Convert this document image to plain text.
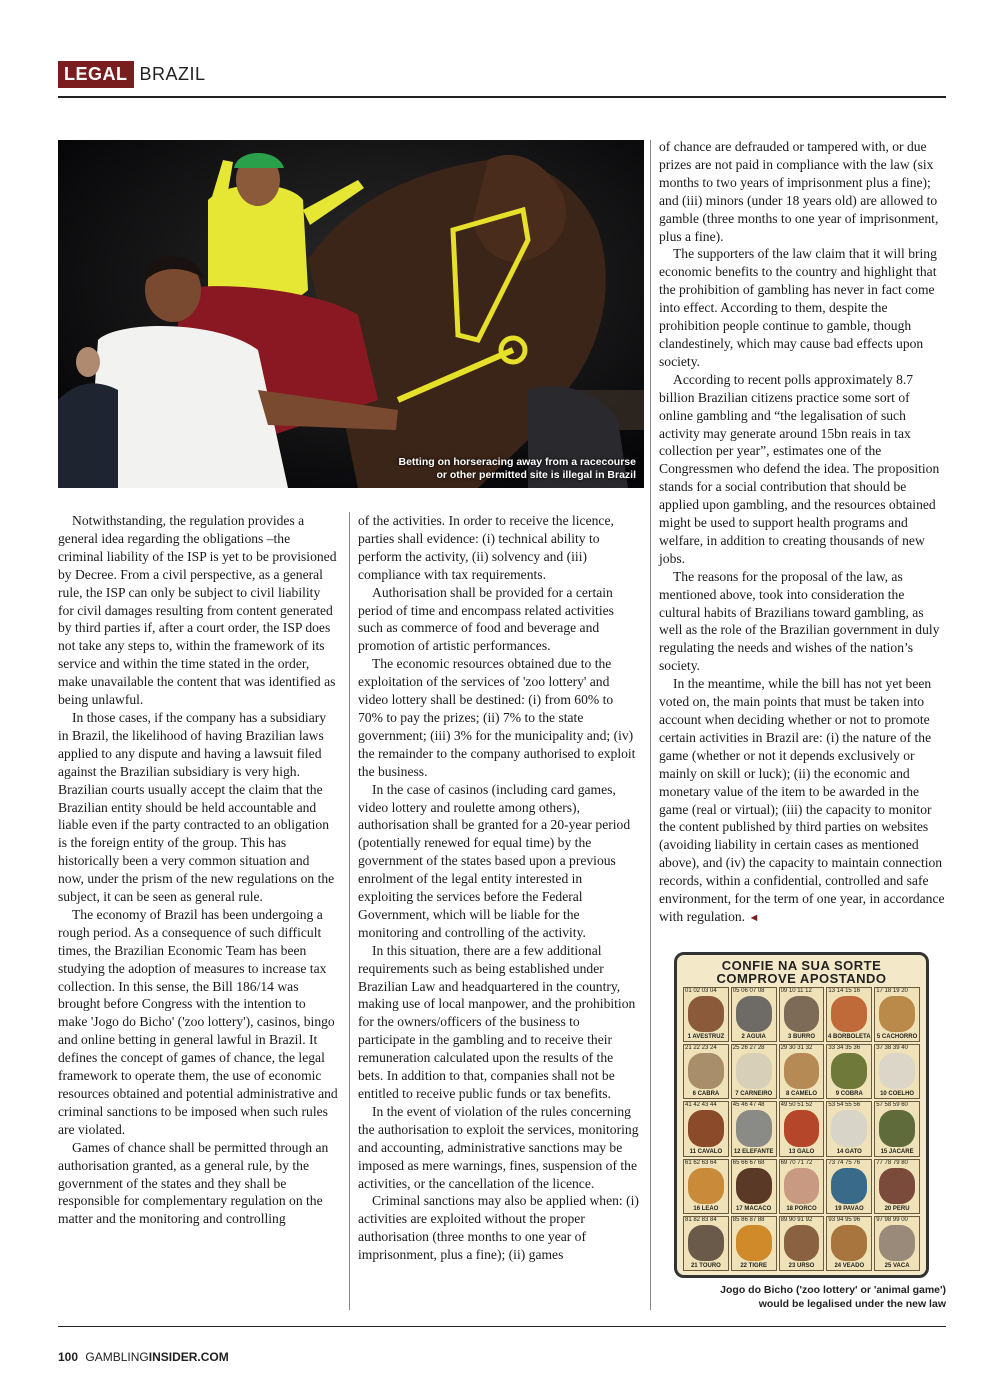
LEGAL BRAZIL
Betting on horseracing away from a racecourse
or other permitted site is illegal in Brazil

Notwithstanding, the regulation provides a general idea regarding the obligations –the criminal liability of the ISP is yet to be provisioned by Decree. From a civil perspective, as a general rule, the ISP can only be subject to civil liability for civil damages resulting from content generated by third parties if, after a court order, the ISP does not take any steps to, within the framework of its service and within the time stated in the order, make unavailable the content that was identified as being unlawful.

In those cases, if the company has a subsidiary in Brazil, the likelihood of having Brazilian laws applied to any dispute and having a lawsuit filed against the Brazilian subsidiary is very high. Brazilian courts usually accept the claim that the Brazilian entity should be held accountable and liable even if the party contracted to an obligation is the foreign entity of the group. This has historically been a very common situation and now, under the prism of the new regulations on the subject, it can be seen as general rule.

The economy of Brazil has been undergoing a rough period. As a consequence of such difficult times, the Brazilian Economic Team has been studying the adoption of measures to increase tax collection. In this sense, the Bill 186/14 was brought before Congress with the intention to make 'Jogo do Bicho' ('zoo lottery'), casinos, bingo and online betting in general lawful in Brazil. It defines the concept of games of chance, the legal framework to operate them, the use of economic resources obtained and potential administrative and criminal sanctions to be imposed when such rules are violated.

Games of chance shall be permitted through an authorisation granted, as a general rule, by the government of the states and they shall be responsible for complementary regulation on the matter and the monitoring and controlling

of the activities. In order to receive the licence, parties shall evidence: (i) technical ability to perform the activity, (ii) solvency and (iii) compliance with tax requirements.

Authorisation shall be provided for a certain period of time and encompass related activities such as commerce of food and beverage and promotion of artistic performances.

The economic resources obtained due to the exploitation of the services of 'zoo lottery' and video lottery shall be destined: (i) from 60% to 70% to pay the prizes; (ii) 7% to the state government; (iii) 3% for the municipality and; (iv) the remainder to the company authorised to exploit the business.

In the case of casinos (including card games, video lottery and roulette among others), authorisation shall be granted for a 20-year period (potentially renewed for equal time) by the government of the states based upon a previous enrolment of the legal entity interested in exploiting the services before the Federal Government, which will be liable for the monitoring and controlling of the activity.

In this situation, there are a few additional requirements such as being established under Brazilian Law and headquartered in the country, making use of local manpower, and the prohibition for the owners/officers of the business to participate in the gambling and to receive their remuneration calculated upon the results of the bets. In addition to that, companies shall not be entitled to receive public funds or tax benefits.

In the event of violation of the rules concerning the authorisation to exploit the services, monitoring and accounting, administrative sanctions may be imposed as mere warnings, fines, suspension of the activities, or the cancellation of the licence.

Criminal sanctions may also be applied when: (i) activities are exploited without the proper authorisation (three months to one year of imprisonment, plus a fine); (ii) games

of chance are defrauded or tampered with, or due prizes are not paid in compliance with the law (six months to two years of imprisonment plus a fine); and (iii) minors (under 18 years old) are allowed to gamble (three months to one year of imprisonment, plus a fine).

The supporters of the law claim that it will bring economic benefits to the country and highlight that the prohibition of gambling has never in fact come into effect. According to them, despite the prohibition people continue to gamble, though clandestinely, which may cause bad effects upon society.

According to recent polls approximately 8.7 billion Brazilian citizens practice some sort of online gambling and “the legalisation of such activity may generate around 15bn reais in tax collection per year”, estimates one of the Congressmen who defend the idea. The proposition stands for a social contribution that should be applied upon gambling, and the resources obtained might be used to support health programs and welfare, in addition to creating thousands of new jobs.

The reasons for the proposal of the law, as mentioned above, took into consideration the cultural habits of Brazilians toward gambling, as well as the role of the Brazilian government in duly regulating the needs and wishes of the nation’s society.

In the meantime, while the bill has not yet been voted on, the main points that must be taken into account when deciding whether or not to promote certain activities in Brazil are: (i) the nature of the game (whether or not it depends exclusively or mainly on skill or luck); (ii) the economic and monetary value of the item to be awarded in the game (real or virtual); (iii) the capacity to monitor the content published by third parties on websites (avoiding liability in certain cases as mentioned above), and (iv) the capacity to maintain connection records, within a confidential, controlled and safe environment, for the term of one year, in accordance with regulation. ◄

CONFIE NA SUA SORTE
COMPROVE APOSTANDO
01 02 03 04
1 AVESTRUZ
05 06 07 08
2 ÁGUIA
09 10 11 12
3 BURRO
13 14 15 16
4 BORBOLETA
17 18 19 20
5 CACHORRO
21 22 23 24
6 CABRA
25 26 27 28
7 CARNEIRO
29 30 31 32
8 CAMELO
33 34 35 36
9 COBRA
37 38 39 40
10 COELHO
41 42 43 44
11 CAVALO
45 46 47 48
12 ELEFANTE
49 50 51 52
13 GALO
53 54 55 56
14 GATO
57 58 59 60
15 JACARÉ
61 62 63 64
16 LEÃO
65 66 67 68
17 MACACO
69 70 71 72
18 PORCO
73 74 75 76
19 PAVÃO
77 78 79 80
20 PERU
81 82 83 84
21 TOURO
85 86 87 88
22 TIGRE
89 90 91 92
23 URSO
93 94 95 96
24 VEADO
97 98 99 00
25 VACA
Jogo do Bicho ('zoo lottery' or 'animal game')
would be legalised under the new law
100 GAMBLINGINSIDER.COM
